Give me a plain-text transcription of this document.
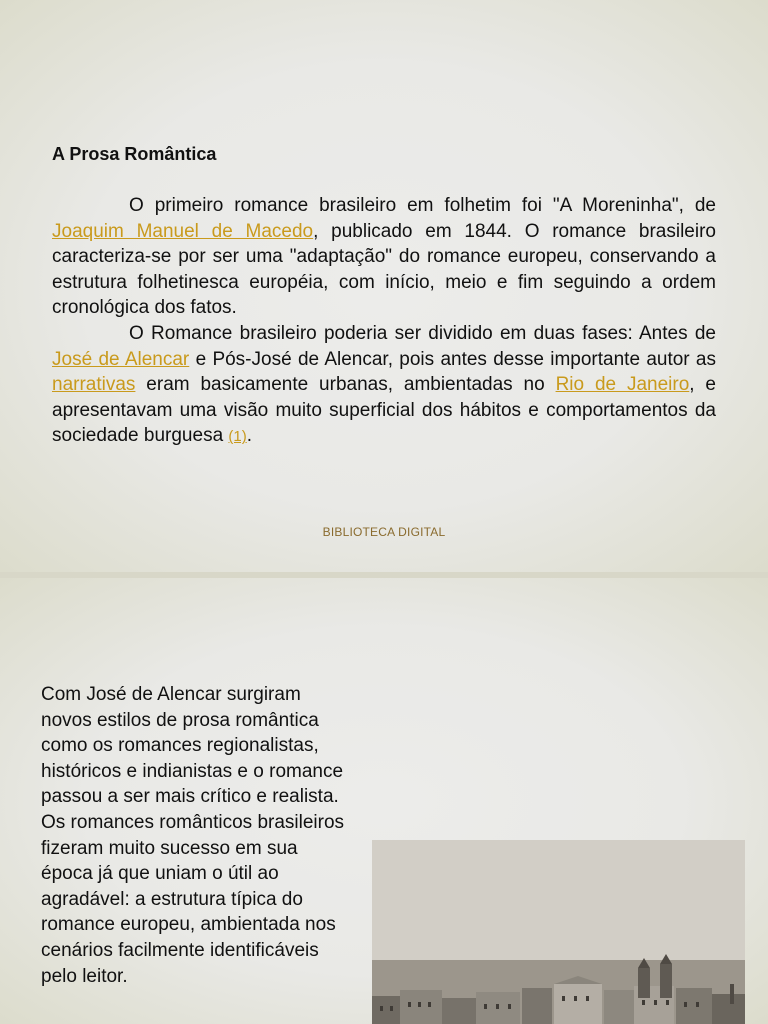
A Prosa Romântica

O primeiro romance brasileiro em folhetim foi "A Moreninha", de Joaquim Manuel de Macedo, publicado em 1844. O romance brasileiro caracteriza-se por ser uma "adaptação" do romance europeu, conservando a estrutura folhetinesca européia, com início, meio e fim seguindo a ordem cronológica dos fatos.

O Romance brasileiro poderia ser dividido em duas fases: Antes de José de Alencar e Pós-José de Alencar, pois antes desse importante autor as narrativas eram basicamente urbanas, ambientadas no Rio de Janeiro, e apresentavam uma visão muito superficial dos hábitos e comportamentos da sociedade burguesa (1).

BIBLIOTECA DIGITAL

Com José de Alencar surgiram novos estilos de prosa romântica como os romances regionalistas, históricos e indianistas e o romance passou a ser mais crítico e realista.

Os romances românticos brasileiros fizeram muito sucesso em sua época já que uniam o útil ao agradável: a estrutura típica do romance europeu, ambientada nos cenários facilmente identificáveis pelo leitor.
